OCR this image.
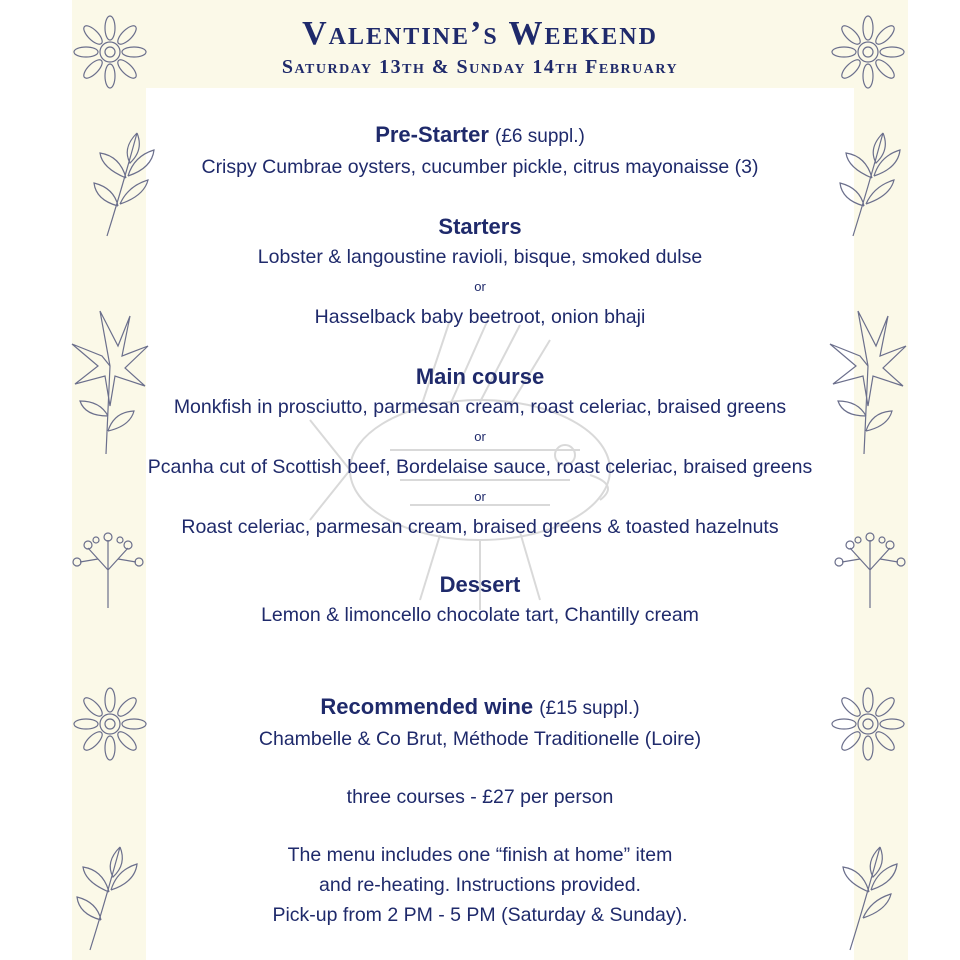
Valentine’s Weekend
Saturday 13th & Sunday 14th February
Pre-Starter (£6 suppl.)
Crispy Cumbrae oysters, cucumber pickle, citrus mayonaisse (3)
Starters
Lobster & langoustine ravioli, bisque, smoked dulse
or
Hasselback baby beetroot, onion bhaji
Main course
Monkfish in prosciutto, parmesan cream, roast celeriac, braised greens
or
Pcanha cut of Scottish beef, Bordelaise sauce, roast celeriac, braised greens
or
Roast celeriac, parmesan cream, braised greens & toasted hazelnuts
Dessert
Lemon & limoncello chocolate tart, Chantilly cream
Recommended wine (£15 suppl.)
Chambelle & Co Brut, Méthode Traditionelle (Loire)
three courses - £27 per person
The menu includes one “finish at home” item
and re-heating. Instructions provided.
Pick-up from 2 PM - 5 PM (Saturday & Sunday).
